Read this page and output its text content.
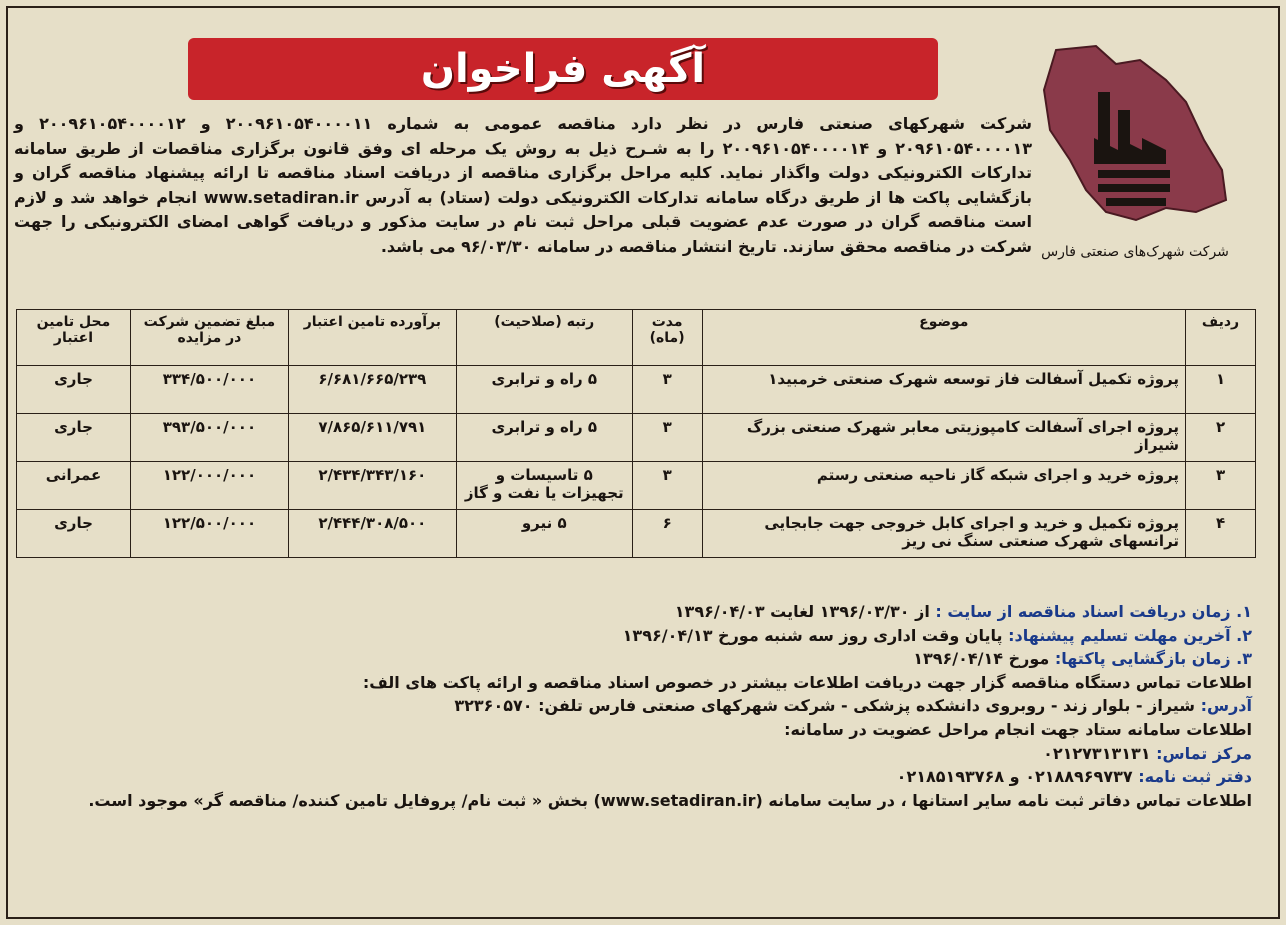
آگهی فراخوان
شرکت شهرک‌های صنعتی فارس

شرکت شهرکهای صنعتی فارس در نظر دارد مناقصه عمومی به شماره ۲۰۰۹۶۱۰۵۴۰۰۰۰۱۱ و ۲۰۰۹۶۱۰۵۴۰۰۰۰۱۲ و ۲۰۹۶۱۰۵۴۰۰۰۰۱۳ و ۲۰۰۹۶۱۰۵۴۰۰۰۰۱۴ را به شـرح ذیل به روش یک مرحله ای وفق قانون برگزاری مناقصات از طریق سامانه تدارکات الکترونیکی دولت واگذار نماید. کلیه مراحل برگزاری مناقصه از دریافت اسناد مناقصه تا ارائه پیشنهاد مناقصه گران و بازگشایی پاکت ها از طریق درگاه سامانه تدارکات الکترونیکی دولت (ستاد) به آدرس www.setadiran.ir انجام خواهد شد و لازم است مناقصه گران در صورت عدم عضویت قبلی مراحل ثبت نام در سایت مذکور و دریافت گواهی امضای الکترونیکی را جهت شرکت در مناقصه محقق سازند. تاریخ انتشار مناقصه در سامانه ۹۶/۰۳/۳۰ می باشد.

ردیف	موضوع	مدت (ماه)	رتبه (صلاحیت)	برآورده تامین اعتبار	مبلغ تضمین شرکت در مزایده	محل تامین اعتبار
۱	پروژه تکمیل آسفالت فاز توسعه شهرک صنعتی خرمبید۱	۳	۵ راه و ترابری	۶/۶۸۱/۶۶۵/۲۳۹	۳۳۴/۵۰۰/۰۰۰	جاری
۲	پروژه اجرای آسفالت کامپوزیتی معابر شهرک صنعتی بزرگ شیراز	۳	۵ راه و ترابری	۷/۸۶۵/۶۱۱/۷۹۱	۳۹۳/۵۰۰/۰۰۰	جاری
۳	پروژه خرید و اجرای شبکه گاز ناحیه صنعتی رستم	۳	۵ تاسیسات و تجهیزات یا نفت و گاز	۲/۴۳۴/۳۴۳/۱۶۰	۱۲۲/۰۰۰/۰۰۰	عمرانی
۴	پروژه تکمیل و خرید و اجرای کابل خروجی جهت جابجایی ترانسهای شهرک صنعتی سنگ نی ریز	۶	۵ نیرو	۲/۴۴۴/۳۰۸/۵۰۰	۱۲۲/۵۰۰/۰۰۰	جاری
۱. زمان دریافت اسناد مناقصه از سایت : از ۱۳۹۶/۰۳/۳۰ لغایت ۱۳۹۶/۰۴/۰۳
۲. آخرین مهلت تسلیم پیشنهاد: پایان وقت اداری روز سه شنبه مورخ ۱۳۹۶/۰۴/۱۳
۳. زمان بازگشایی پاکتها: مورخ ۱۳۹۶/۰۴/۱۴
اطلاعات تماس دستگاه مناقصه گزار جهت دریافت اطلاعات بیشتر در خصوص اسناد مناقصه و ارائه پاکت های الف:
آدرس: شیراز - بلوار زند - روبروی دانشکده پزشکی - شرکت شهرکهای صنعتی فارس تلفن: ۳۲۳۶۰۵۷۰
اطلاعات سامانه ستاد جهت انجام مراحل عضویت در سامانه:
مرکز تماس: ۰۲۱۲۷۳۱۳۱۳۱
دفتر ثبت نامه: ۰۲۱۸۸۹۶۹۷۳۷ و ۰۲۱۸۵۱۹۳۷۶۸
اطلاعات تماس دفاتر ثبت نامه سایر استانها ، در سایت سامانه (www.setadiran.ir) بخش « ثبت نام/ پروفایل تامین کننده/ مناقصه گر» موجود است.
